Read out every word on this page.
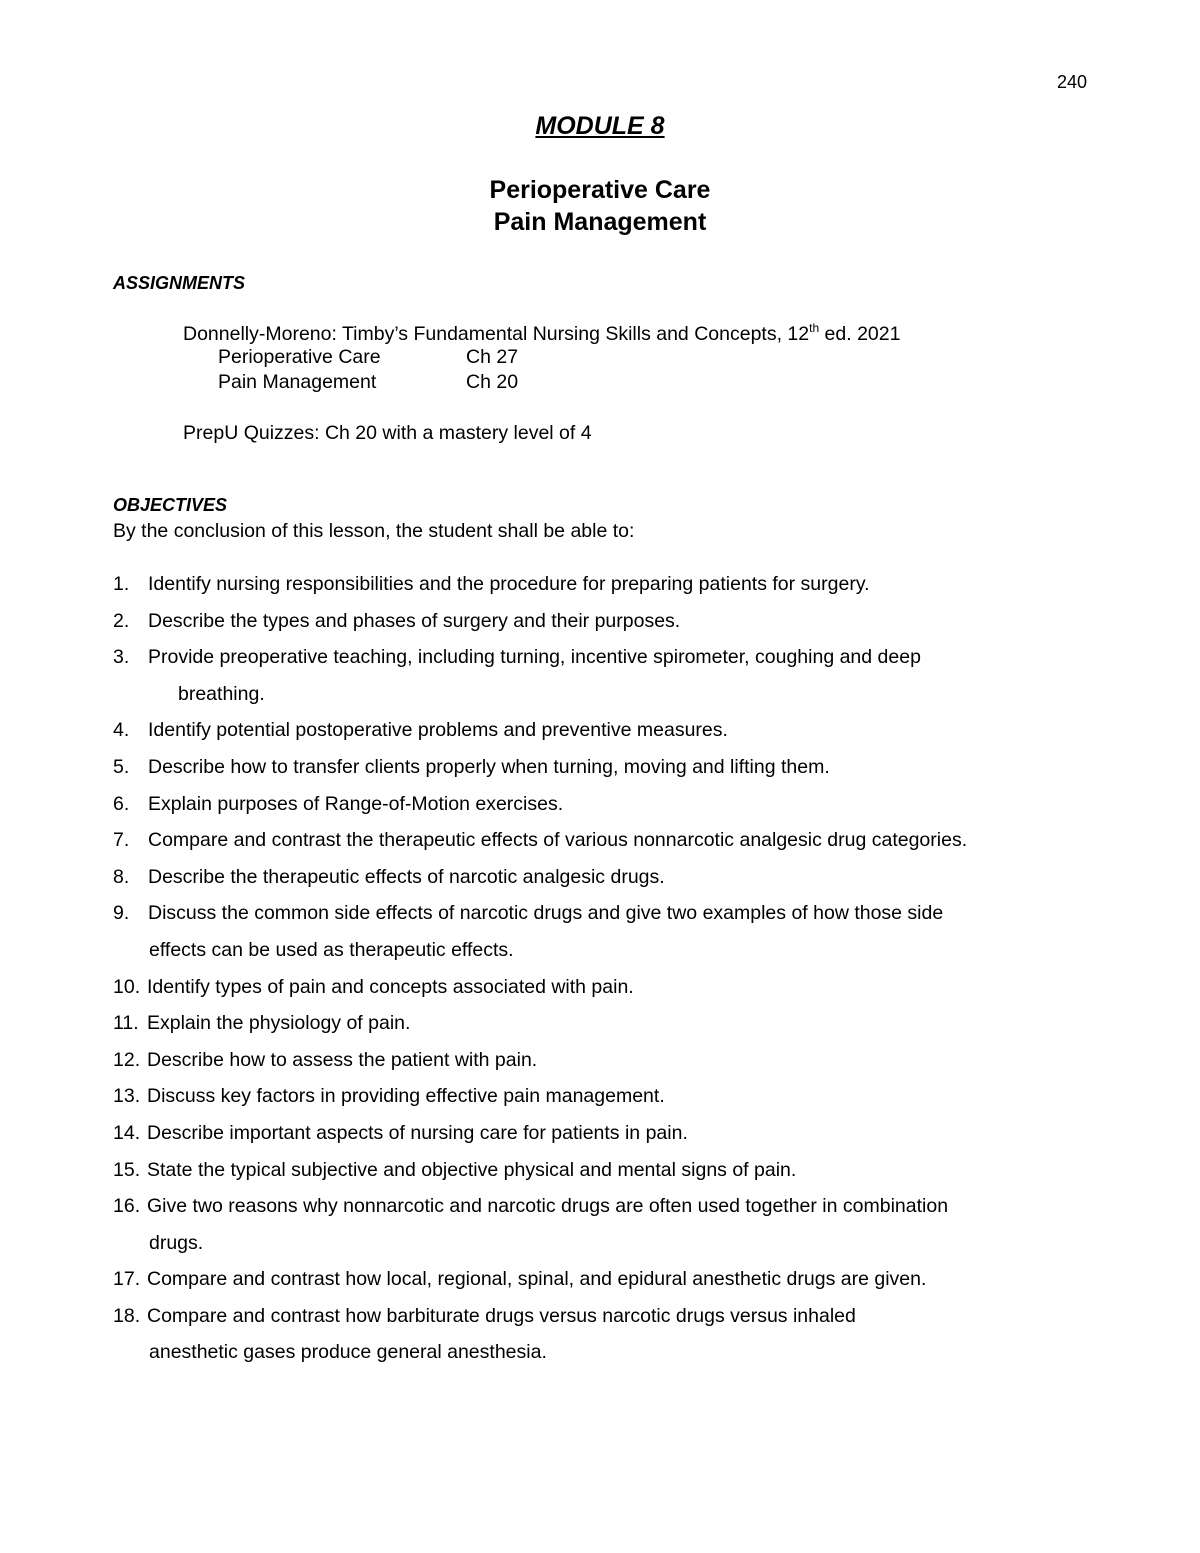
240
MODULE 8
Perioperative Care
Pain Management
ASSIGNMENTS
Donnelly-Moreno: Timby’s Fundamental Nursing Skills and Concepts, 12th ed. 2021
Perioperative Care	Ch 27
Pain Management	Ch 20
PrepU Quizzes: Ch 20 with a mastery level of 4
OBJECTIVES
By the conclusion of this lesson, the student shall be able to:
1. Identify nursing responsibilities and the procedure for preparing patients for surgery.
2. Describe the types and phases of surgery and their purposes.
3. Provide preoperative teaching, including turning, incentive spirometer, coughing and deep
breathing.
4. Identify potential postoperative problems and preventive measures.
5. Describe how to transfer clients properly when turning, moving and lifting them.
6. Explain purposes of Range-of-Motion exercises.
7. Compare and contrast the therapeutic effects of various nonnarcotic analgesic drug categories.
8. Describe the therapeutic effects of narcotic analgesic drugs.
9. Discuss the common side effects of narcotic drugs and give two examples of how those side
effects can be used as therapeutic effects.
10. Identify types of pain and concepts associated with pain.
11. Explain the physiology of pain.
12. Describe how to assess the patient with pain.
13. Discuss key factors in providing effective pain management.
14. Describe important aspects of nursing care for patients in pain.
15. State the typical subjective and objective physical and mental signs of pain.
16. Give two reasons why nonnarcotic and narcotic drugs are often used together in combination
drugs.
17. Compare and contrast how local, regional, spinal, and epidural anesthetic drugs are given.
18. Compare and contrast how barbiturate drugs versus narcotic drugs versus inhaled
anesthetic gases produce general anesthesia.
